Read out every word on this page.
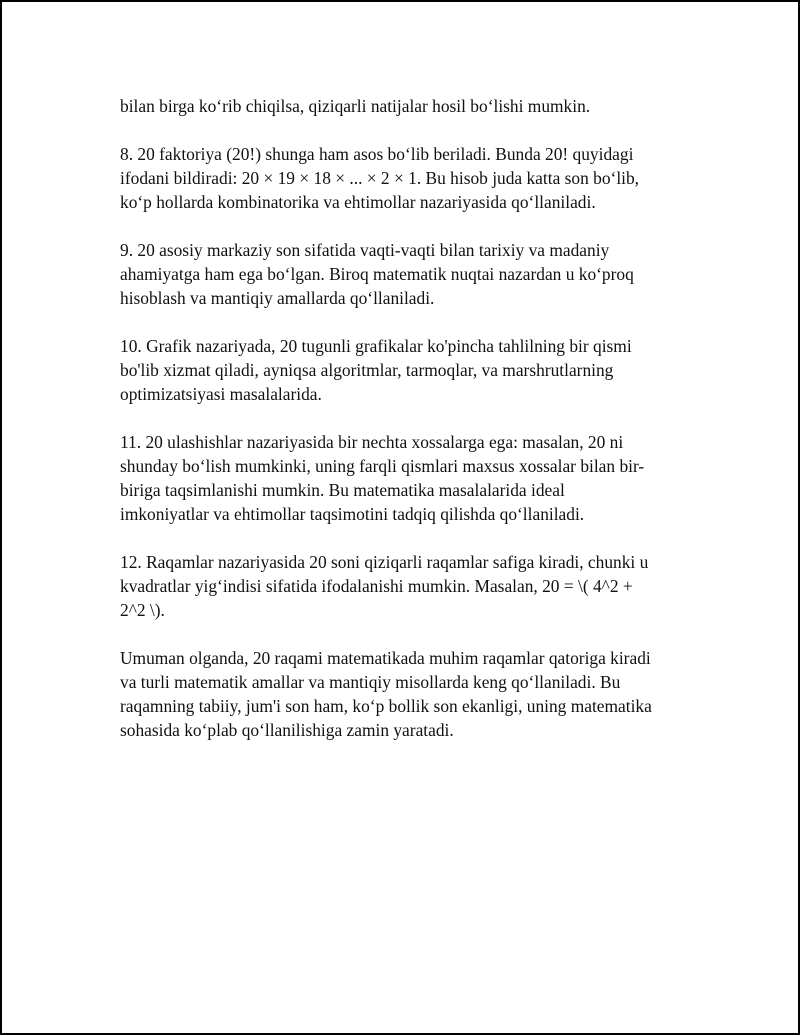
bilan birga koʻrib chiqilsa, qiziqarli natijalar hosil boʻlishi mumkin.

8. 20 faktoriya (20!) shunga ham asos boʻlib beriladi. Bunda 20! quyidagi
ifodani bildiradi: 20 × 19 × 18 × ... × 2 × 1. Bu hisob juda katta son boʻlib,
koʻp hollarda kombinatorika va ehtimollar nazariyasida qoʻllaniladi.

9. 20 asosiy markaziy son sifatida vaqti-vaqti bilan tarixiy va madaniy
ahamiyatga ham ega boʻlgan. Biroq matematik nuqtai nazardan u koʻproq
hisoblash va mantiqiy amallarda qoʻllaniladi.

10. Grafik nazariyada, 20 tugunli grafikalar ko'pincha tahlilning bir qismi
bo'lib xizmat qiladi, ayniqsa algoritmlar, tarmoqlar, va marshrutlarning
optimizatsiyasi masalalarida.

11. 20 ulashishlar nazariyasida bir nechta xossalarga ega: masalan, 20 ni
shunday boʻlish mumkinki, uning farqli qismlari maxsus xossalar bilan bir-
biriga taqsimlanishi mumkin. Bu matematika masalalarida ideal
imkoniyatlar va ehtimollar taqsimotini tadqiq qilishda qoʻllaniladi.

12. Raqamlar nazariyasida 20 soni qiziqarli raqamlar safiga kiradi, chunki u
kvadratlar yigʻindisi sifatida ifodalanishi mumkin. Masalan, 20 = \( 4^2 +
2^2 \).

Umuman olganda, 20 raqami matematikada muhim raqamlar qatoriga kiradi
va turli matematik amallar va mantiqiy misollarda keng qoʻllaniladi. Bu
raqamning tabiiy, jum'i son ham, koʻp bollik son ekanligi, uning matematika
sohasida koʻplab qoʻllanilishiga zamin yaratadi.
